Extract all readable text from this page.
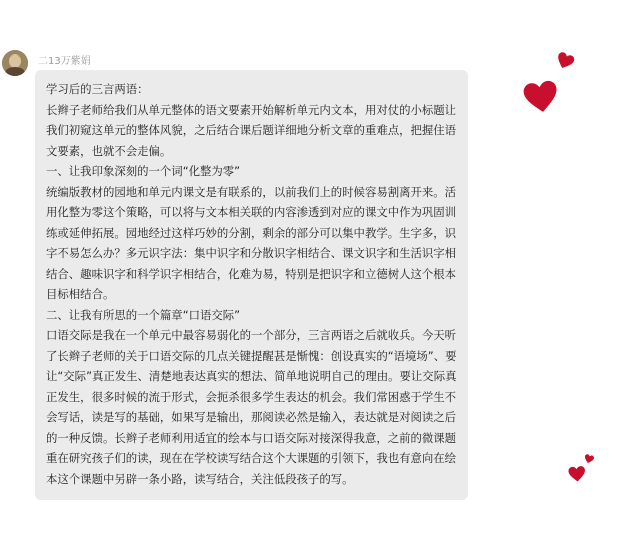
二13万紫娟

学习后的三言两语：

长辫子老师给我们从单元整体的语文要素开始解析单元内文本，用对仗的小标题让我们初窥这单元的整体风貌，之后结合课后题详细地分析文章的重难点，把握住语文要素，也就不会走偏。

一、让我印象深刻的一个词“化整为零”

统编版教材的园地和单元内课文是有联系的，以前我们上的时候容易割离开来。活用化整为零这个策略，可以将与文本相关联的内容渗透到对应的课文中作为巩固训练或延伸拓展。园地经过这样巧妙的分割，剩余的部分可以集中教学。生字多，识字不易怎么办？多元识字法：集中识字和分散识字相结合、课文识字和生活识字相结合、趣味识字和科学识字相结合，化难为易，特别是把识字和立德树人这个根本目标相结合。

二、让我有所思的一个篇章“口语交际”

口语交际是我在一个单元中最容易弱化的一个部分，三言两语之后就收兵。今天听了长辫子老师的关于口语交际的几点关键提醒甚是惭愧：创设真实的“语境场”、要让“交际”真正发生、清楚地表达真实的想法、简单地说明自己的理由。要让交际真正发生，很多时候的流于形式，会扼杀很多学生表达的机会。我们常困惑于学生不会写话，读是写的基础，如果写是输出，那阅读必然是输入，表达就是对阅读之后的一种反馈。长辫子老师利用适宜的绘本与口语交际对接深得我意，之前的微课题重在研究孩子们的读，现在在学校读写结合这个大课题的引领下，我也有意向在绘本这个课题中另辟一条小路，读写结合，关注低段孩子的写。
